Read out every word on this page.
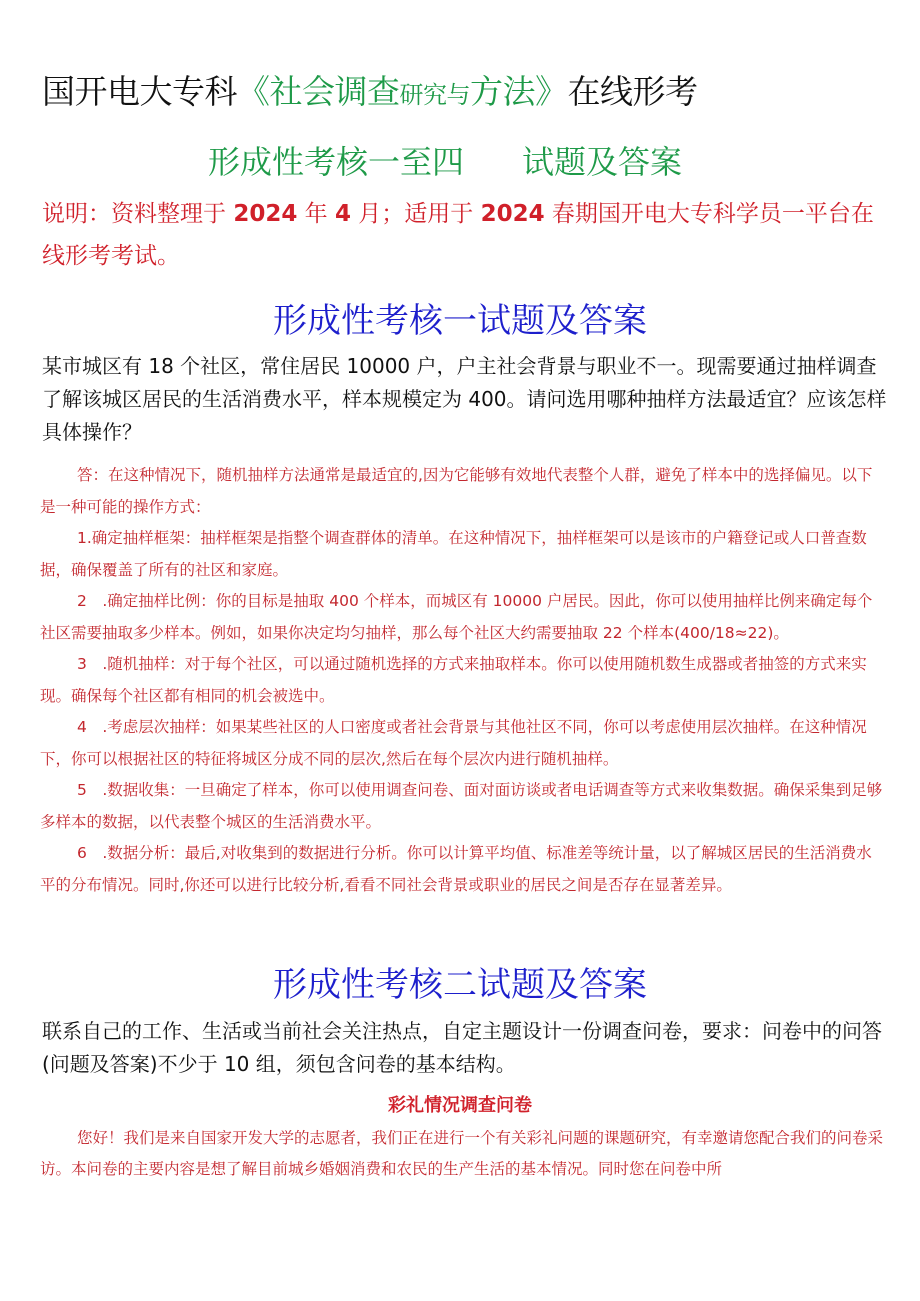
国开电大专科《社会调查研究与方法》在线形考
形成性考核一至四 试题及答案
说明：资料整理于 2024 年 4 月；适用于 2024 春期国开电大专科学员一平台在线形考考试。
形成性考核一试题及答案
某市城区有 18 个社区，常住居民 10000 户，户主社会背景与职业不一。现需要通过抽样调查了解该城区居民的生活消费水平，样本规模定为 400。请问选用哪种抽样方法最适宜？应该怎样具体操作？

答：在这种情况下，随机抽样方法通常是最适宜的,因为它能够有效地代表整个人群，避免了样本中的选择偏见。以下是一种可能的操作方式：

1.确定抽样框架：抽样框架是指整个调查群体的清单。在这种情况下，抽样框架可以是该市的户籍登记或人口普查数据，确保覆盖了所有的社区和家庭。

2　.确定抽样比例：你的目标是抽取 400 个样本，而城区有 10000 户居民。因此，你可以使用抽样比例来确定每个社区需要抽取多少样本。例如，如果你决定均匀抽样，那么每个社区大约需要抽取 22 个样本(400/18≈22)。

3　.随机抽样：对于每个社区，可以通过随机选择的方式来抽取样本。你可以使用随机数生成器或者抽签的方式来实现。确保每个社区都有相同的机会被选中。

4　.考虑层次抽样：如果某些社区的人口密度或者社会背景与其他社区不同，你可以考虑使用层次抽样。在这种情况下，你可以根据社区的特征将城区分成不同的层次,然后在每个层次内进行随机抽样。

5　.数据收集：一旦确定了样本，你可以使用调查问卷、面对面访谈或者电话调查等方式来收集数据。确保采集到足够多样本的数据，以代表整个城区的生活消费水平。

6　.数据分析：最后,对收集到的数据进行分析。你可以计算平均值、标准差等统计量，以了解城区居民的生活消费水平的分布情况。同时,你还可以进行比较分析,看看不同社会背景或职业的居民之间是否存在显著差异。

形成性考核二试题及答案
联系自己的工作、生活或当前社会关注热点，自定主题设计一份调查问卷，要求：问卷中的问答(问题及答案)不少于 10 组，须包含问卷的基本结构。
彩礼情况调查问卷
您好！我们是来自国家开发大学的志愿者，我们正在进行一个有关彩礼问题的课题研究，有幸邀请您配合我们的问卷采访。本问卷的主要内容是想了解目前城乡婚姻消费和农民的生产生活的基本情况。同时您在问卷中所
